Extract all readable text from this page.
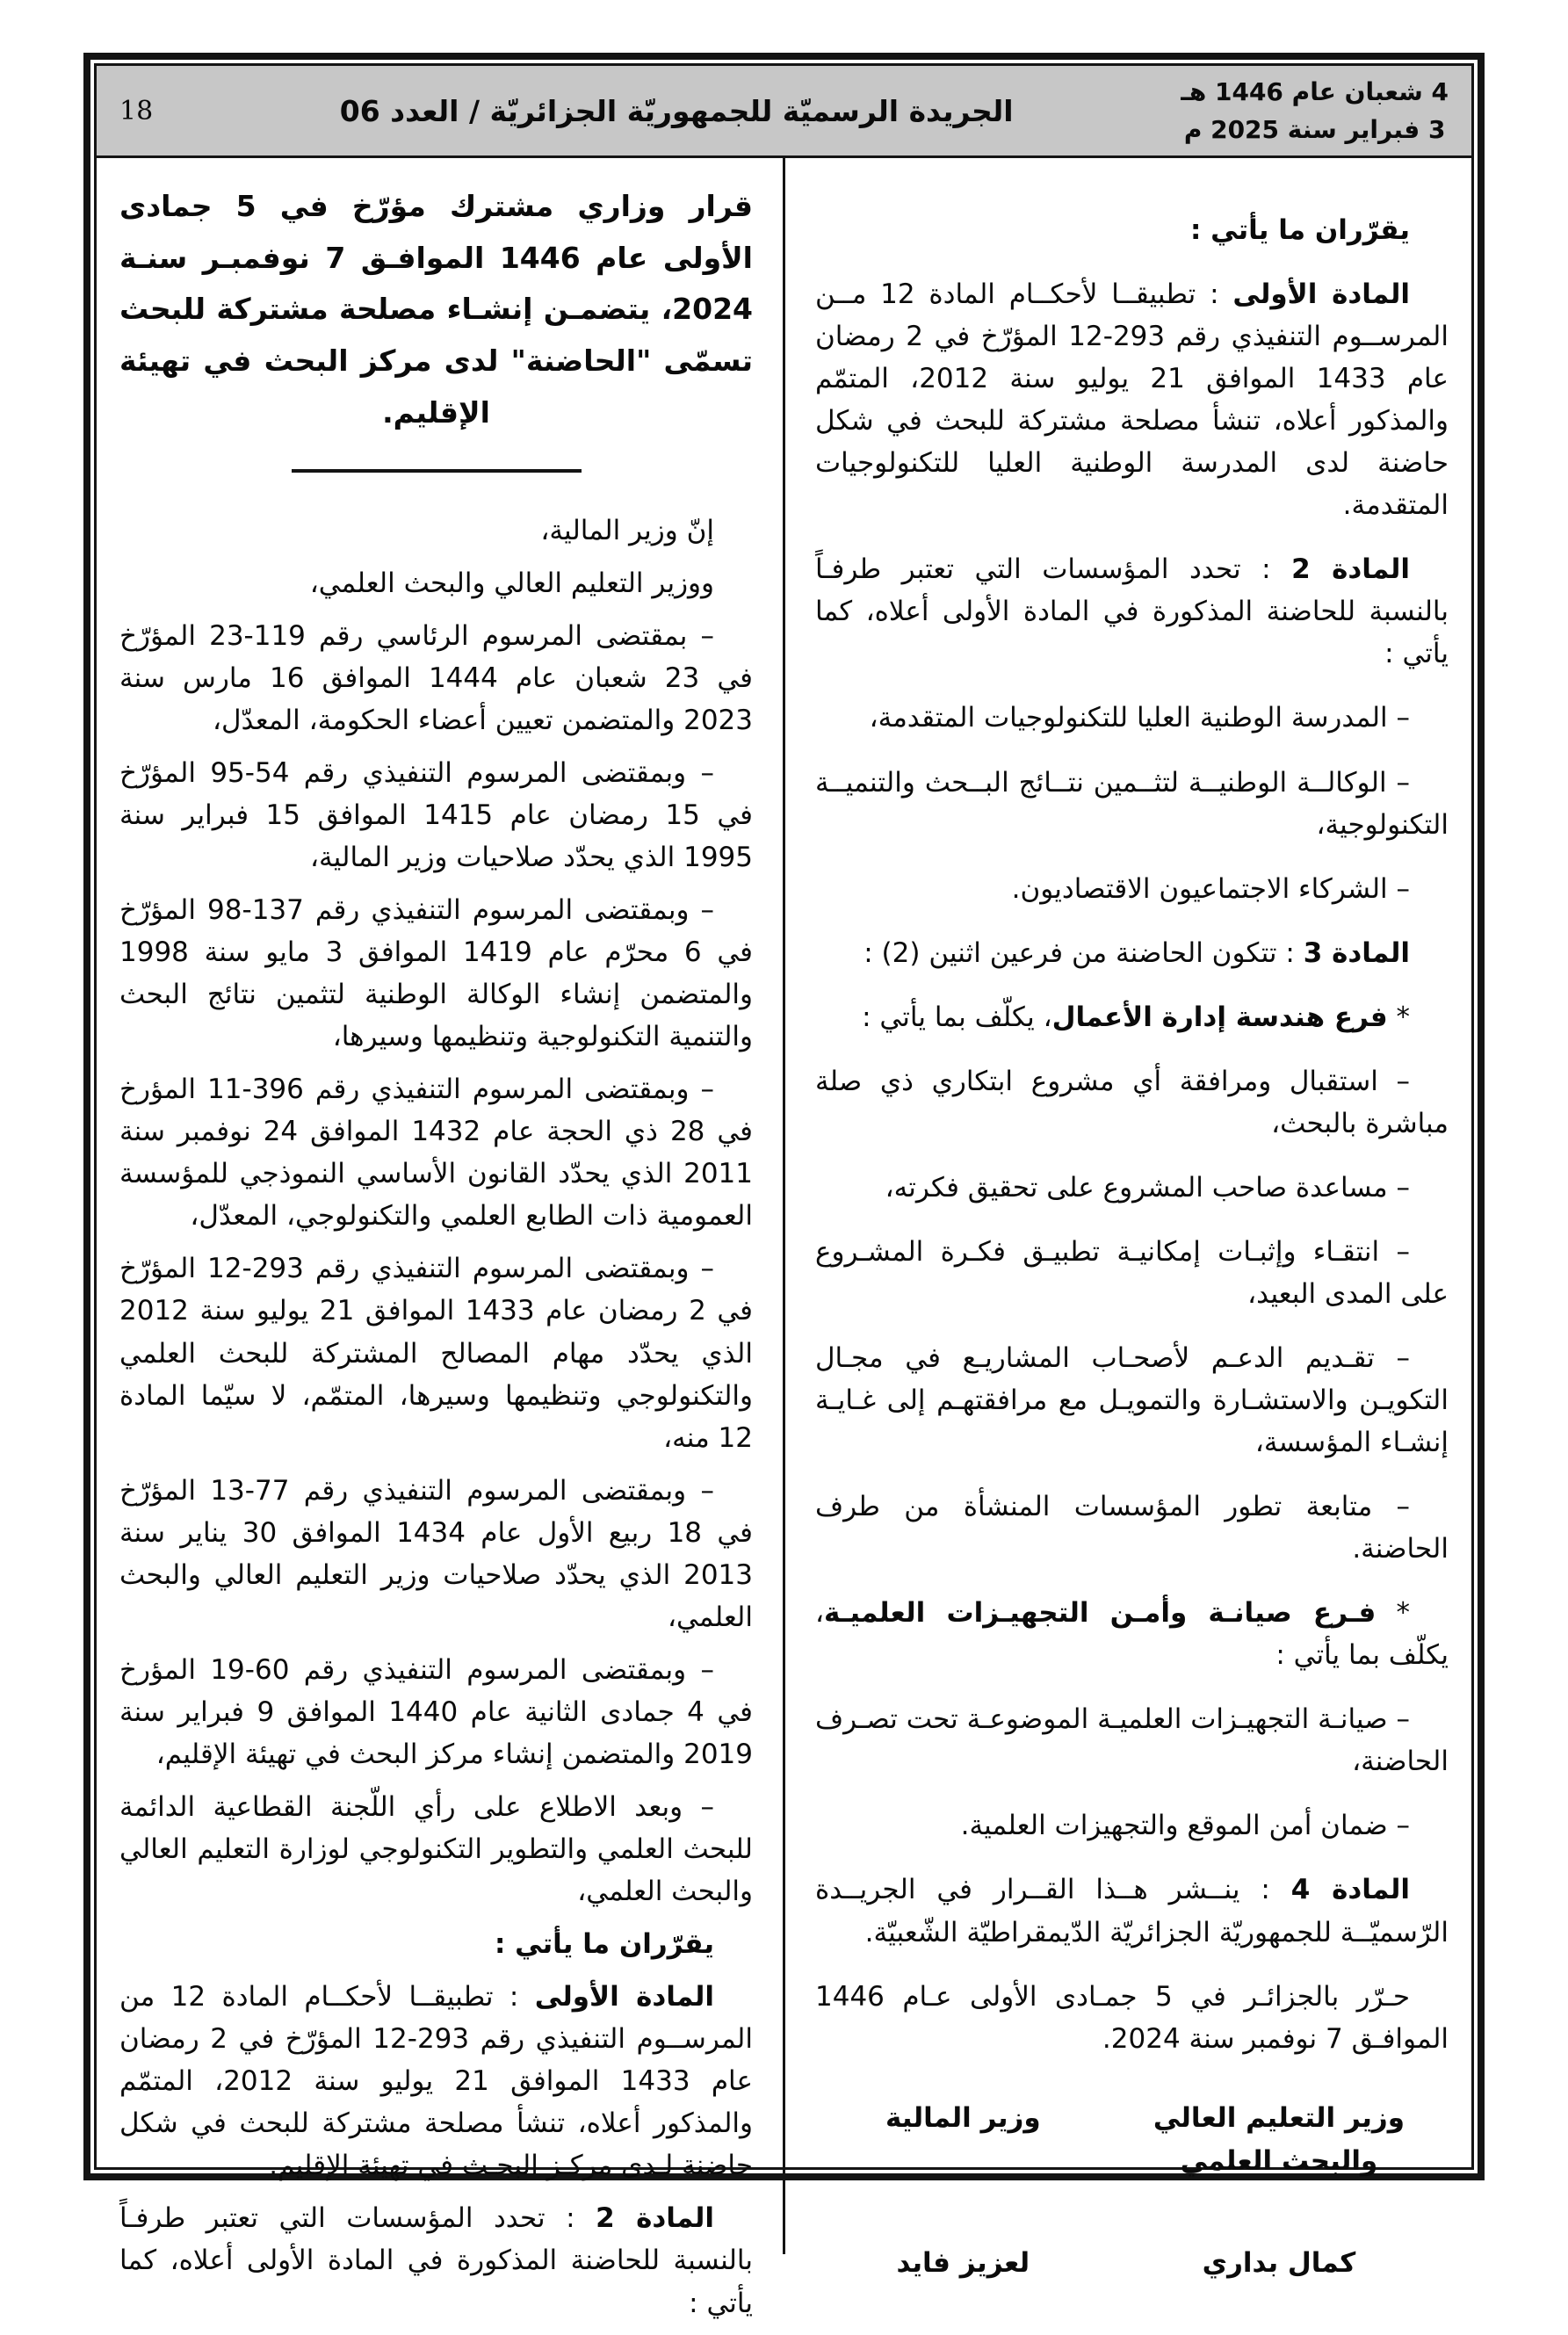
4 شعبان عام 1446 هـ
3 فبراير سنة 2025 م
الجريدة الرسميّة للجمهوريّة الجزائريّة / العدد 06
18

يقرّران ما يأتي :

المادة الأولى : تطبيقــا لأحكــام المادة 12 مــن المرســوم التنفيذي رقم 293-12 المؤرّخ في 2 رمضان عام 1433 الموافق 21 يوليو سنة 2012، المتمّم والمذكور أعلاه، تنشأ مصلحة مشتركة للبحث في شكل حاضنة لدى المدرسة الوطنية العليا للتكنولوجيات المتقدمة.

المادة 2 : تحدد المؤسسات التي تعتبر طرفـاً بالنسبة للحاضنة المذكورة في المادة الأولى أعلاه، كما يأتي :

– المدرسة الوطنية العليا للتكنولوجيات المتقدمة،

– الوكالــة الوطنيــة لتثــمين نتــائج البــحث والتنميــة التكنولوجية،

– الشركاء الاجتماعيون الاقتصاديون.

المادة 3 : تتكون الحاضنة من فرعين اثنين (2) :

* فرع هندسة إدارة الأعمال، يكلّف بما يأتي :

– استقبال ومرافقة أي مشروع ابتكاري ذي صلة مباشرة بالبحث،

– مساعدة صاحب المشروع على تحقيق فكرته،

– انتقـاء وإثبـات إمكانيـة تطبيـق فكـرة المشـروع على المدى البعيد،

– تقـديم الدعـم لأصحـاب المشاريـع في مجـال التكويـن والاستشـارة والتمويـل مع مرافقتهـم إلى غـايـة إنشـاء المؤسسة،

– متابعة تطور المؤسسات المنشأة من طرف الحاضنة.

* فـرع صيانـة وأمـن التجهيـزات العلميـة، يكلّف بما يأتي :

– صيانـة التجهيـزات العلميـة الموضوعـة تحت تصـرف الحاضنة،

– ضمان أمن الموقع والتجهيزات العلمية.

المادة 4 : ينــشر هــذا القــرار في الجريــدة الرّسميّــة للجمهوريّة الجزائريّة الدّيمقراطيّة الشّعبيّة.

حـرّر بالجزائـر في 5 جمـادى الأولى عـام 1446 الموافـق 7 نوفمبر سنة 2024.

وزير التعليم العالي
والبحث العلمي
كمال بداري
وزير المالية
لعزيز فايد

قرار وزاري مشترك مؤرّخ في 5 جمادى الأولى عام 1446 الموافـق 7 نوفمبـر سنـة 2024، يتضمـن إنشـاء مصلحة مشتركة للبحث تسمّى "الحاضنة" لدى مركز البحث في تهيئة الإقليم.

إنّ وزير المالية،

ووزير التعليم العالي والبحث العلمي،

– بمقتضى المرسوم الرئاسي رقم 119-23 المؤرّخ في 23 شعبان عام 1444 الموافق 16 مارس سنة 2023 والمتضمن تعيين أعضاء الحكومة، المعدّل،

– وبمقتضى المرسوم التنفيذي رقم 54-95 المؤرّخ في 15 رمضان عام 1415 الموافق 15 فبراير سنة 1995 الذي يحدّد صلاحيات وزير المالية،

– وبمقتضى المرسوم التنفيذي رقم 137-98 المؤرّخ في 6 محرّم عام 1419 الموافق 3 مايو سنة 1998 والمتضمن إنشاء الوكالة الوطنية لتثمين نتائج البحث والتنمية التكنولوجية وتنظيمها وسيرها،

– وبمقتضى المرسوم التنفيذي رقم 396-11 المؤرخ في 28 ذي الحجة عام 1432 الموافق 24 نوفمبر سنة 2011 الذي يحدّد القانون الأساسي النموذجي للمؤسسة العمومية ذات الطابع العلمي والتكنولوجي، المعدّل،

– وبمقتضى المرسوم التنفيذي رقم 293-12 المؤرّخ في 2 رمضان عام 1433 الموافق 21 يوليو سنة 2012 الذي يحدّد مهام المصالح المشتركة للبحث العلمي والتكنولوجي وتنظيمها وسيرها، المتمّم، لا سيّما المادة 12 منه،

– وبمقتضى المرسوم التنفيذي رقم 77-13 المؤرّخ في 18 ربيع الأول عام 1434 الموافق 30 يناير سنة 2013 الذي يحدّد صلاحيات وزير التعليم العالي والبحث العلمي،

– وبمقتضى المرسوم التنفيذي رقم 60-19 المؤرخ في 4 جمادى الثانية عام 1440 الموافق 9 فبراير سنة 2019 والمتضمن إنشاء مركز البحث في تهيئة الإقليم،

– وبعد الاطلاع على رأي اللّجنة القطاعية الدائمة للبحث العلمي والتطوير التكنولوجي لوزارة التعليم العالي والبحث العلمي،

يقرّران ما يأتي :

المادة الأولى : تطبيقــا لأحكــام المادة 12 من المرســوم التنفيذي رقم 293-12 المؤرّخ في 2 رمضان عام 1433 الموافق 21 يوليو سنة 2012، المتمّم والمذكور أعلاه، تنشأ مصلحة مشتركة للبحث في شكل حاضنة لـدى مركـز البحـث في تهيئة الإقليم.

المادة 2 : تحدد المؤسسات التي تعتبر طرفـاً بالنسبة للحاضنة المذكورة في المادة الأولى أعلاه، كما يأتي :
